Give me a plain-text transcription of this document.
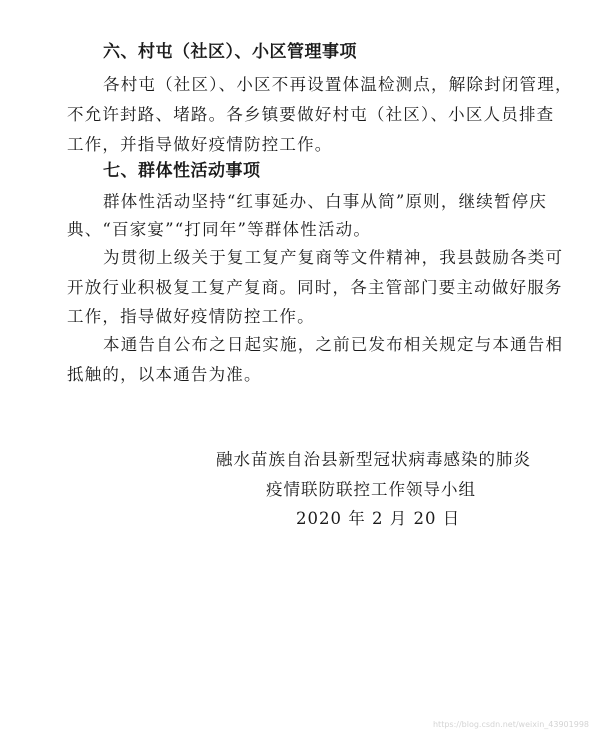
六、村屯（社区）、小区管理事项
各村屯（社区）、小区不再设置体温检测点，解除封闭管理，
不允许封路、堵路。各乡镇要做好村屯（社区）、小区人员排查
工作，并指导做好疫情防控工作。
七、群体性活动事项
群体性活动坚持“红事延办、白事从简”原则，继续暂停庆
典、“百家宴”“打同年”等群体性活动。
为贯彻上级关于复工复产复商等文件精神，我县鼓励各类可
开放行业积极复工复产复商。同时，各主管部门要主动做好服务
工作，指导做好疫情防控工作。
本通告自公布之日起实施，之前已发布相关规定与本通告相
抵触的，以本通告为准。
融水苗族自治县新型冠状病毒感染的肺炎
疫情联防联控工作领导小组
2020 年 2 月 20 日
https://blog.csdn.net/weixin_43901998
